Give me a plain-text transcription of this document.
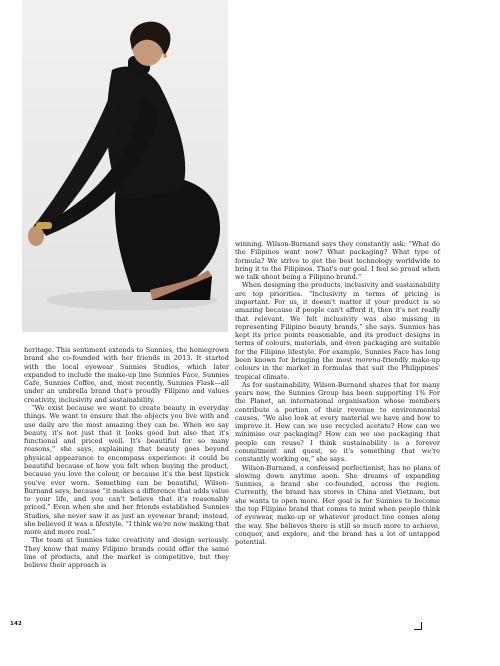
heritage. This sentiment extends to Sunnies, the homegrown brand she co-founded with her friends in 2013. It started with the local eyewear Sunnies Studios, which later expanded to include the make-up line Sunnies Face, Sunnies Cafe, Sunnies Coffee, and, most recently, Sunnies Flask—all under an umbrella brand that's proudly Filipino and values creativity, inclusivity and sustainability.

“We exist because we want to create beauty in everyday things. We want to ensure that the objects you live with and use daily are the most amazing they can be. When we say beauty, it's not just that it looks good but also that it's functional and priced well. It's beautiful for so many reasons,” she says, explaining that beauty goes beyond physical appearance to encompass experience: it could be beautiful because of how you felt when buying the product, because you love the colour, or because it's the best lipstick you've ever worn. Something can be beautiful, Wilson-Burnand says, because “it makes a difference that adds value to your life, and you can't believe that it's reasonably priced.” Even when she and her friends established Sunnies Studios, she never saw it as just an eyewear brand; instead, she believed it was a lifestyle. “I think we're now making that more and more real.”

The team at Sunnies take creativity and design seriously. They know that many Filipino brands could offer the same line of products, and the market is competitive, but they believe their approach is

winning. Wilson-Burnand says they constantly ask: “What do the Filipinos want now? What packaging? What type of formula? We strive to get the best technology worldwide to bring it to the Filipinos. That's our goal. I feel so proud when we talk about being a Filipino brand.”

When designing the products, inclusivity and sustainability are top priorities. “Inclusivity in terms of pricing is important. For us, it doesn't matter if your product is so amazing because if people can't afford it, then it's not really that relevant. We felt inclusivity was also missing in representing Filipino beauty brands,” she says. Sunnies has kept its price points reasonable, and its product designs in terms of colours, materials, and even packaging are suitable for the Filipino lifestyle. For example, Sunnies Face has long been known for bringing the most morena-friendly make-up colours in the market in formulas that suit the Philippines' tropical climate.

As for sustainability, Wilson-Burnand shares that for many years now, the Sunnies Group has been supporting 1% For the Planet, an international organisation whose members contribute a portion of their revenue to environmental causes. “We also look at every material we have and how to improve it. How can we use recycled acetate? How can we minimise our packaging? How can we use packaging that people can reuse? I think sustainability is a forever commitment and quest, so it's something that we're constantly working on,” she says.

Wilson-Burnand, a confessed perfectionist, has no plans of slowing down anytime soon. She dreams of expanding Sunnies, a brand she co-founded, across the region. Currently, the brand has stores in China and Vietnam, but she wants to open more. Her goal is for Sunnies to become the top Filipino brand that comes to mind when people think of eyewear, make-up or whatever product line comes along the way. She believes there is still so much more to achieve, conquer, and explore, and the brand has a lot of untapped potential.

142
